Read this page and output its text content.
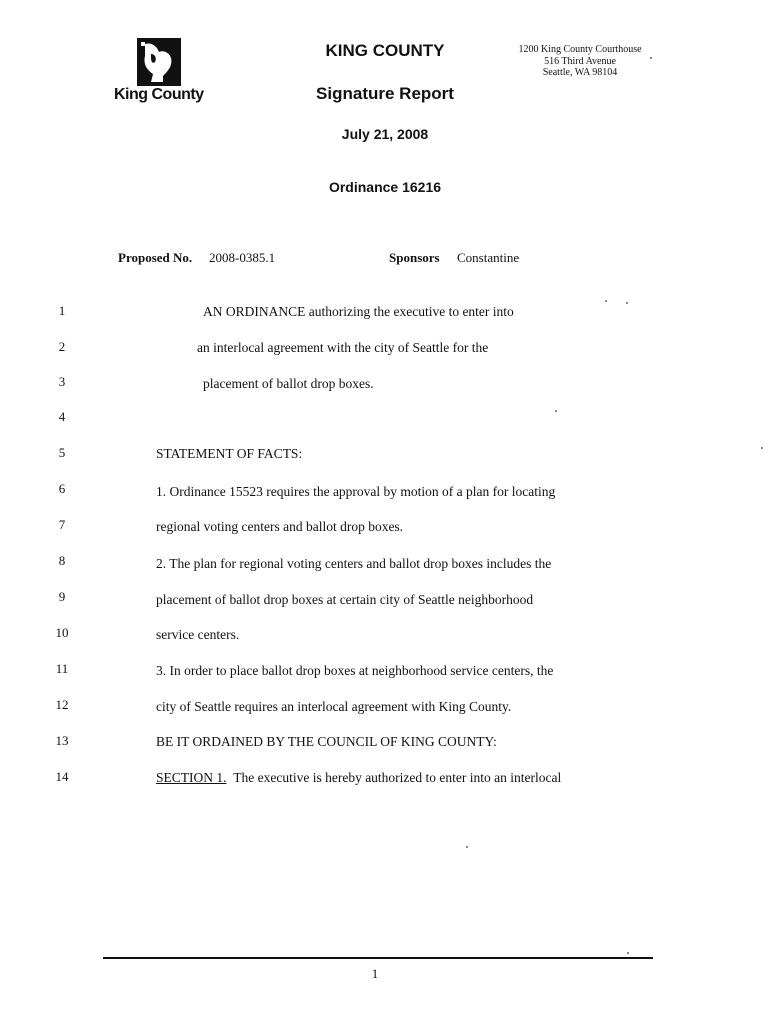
King County
KING COUNTY
Signature Report
July 21, 2008
Ordinance 16216
1200 King County Courthouse
516 Third Avenue
Seattle, WA 98104
Proposed No. 2008-0385.1	Sponsors Constantine
1	AN ORDINANCE authorizing the executive to enter into
2	an interlocal agreement with the city of Seattle for the
3	placement of ballot drop boxes.
4
5	STATEMENT OF FACTS:
6	1. Ordinance 15523 requires the approval by motion of a plan for locating
7	regional voting centers and ballot drop boxes.
8	2. The plan for regional voting centers and ballot drop boxes includes the
9	placement of ballot drop boxes at certain city of Seattle neighborhood
10	service centers.
11	3. In order to place ballot drop boxes at neighborhood service centers, the
12	city of Seattle requires an interlocal agreement with King County.
13	BE IT ORDAINED BY THE COUNCIL OF KING COUNTY:
14	SECTION 1. The executive is hereby authorized to enter into an interlocal
1
